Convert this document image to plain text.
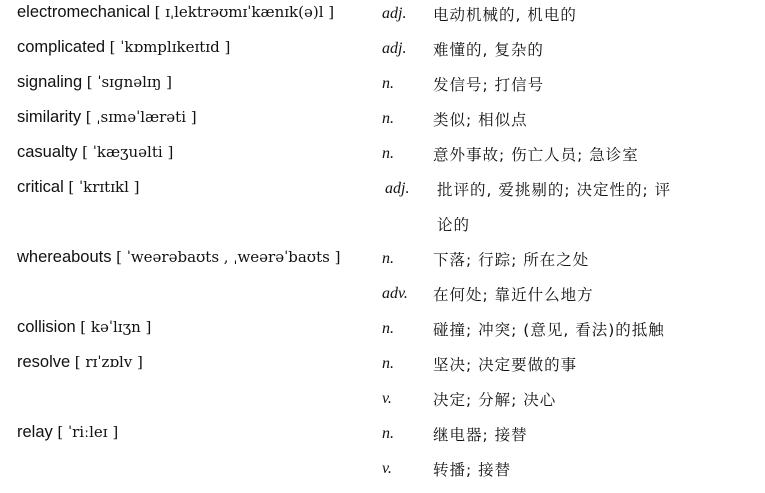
electromechanical [ ɪˌlektrəʊmɪˈkænɪk(ə)l ]	adj. 电动机械的, 机电的
complicated [ ˈkɒmplɪkeɪtɪd ]	adj. 难懂的, 复杂的
signaling [ ˈsɪɡnəlɪŋ ]	n.	发信号; 打信号
similarity [ ˌsɪməˈlærəti ]	n.	类似; 相似点
casualty [ ˈkæʒuəlti ]	n.	意外事故; 伤亡人员; 急诊室
critical [ ˈkrɪtɪkl ]	adj. 批评的, 爱挑剔的; 决定性的; 评
论的
whereabouts [ ˈweərəbaʊts , ˌweərəˈbaʊts ]	n.	下落; 行踪; 所在之处
adv. 在何处; 靠近什么地方
collision [ kəˈlɪʒn ]	n.	碰撞; 冲突; (意见, 看法)的抵触
resolve [ rɪˈzɒlv ]	n.	坚决; 决定要做的事
v.	决定; 分解; 决心
relay [ ˈriːleɪ ]	n.	继电器; 接替
v.	转播; 接替
